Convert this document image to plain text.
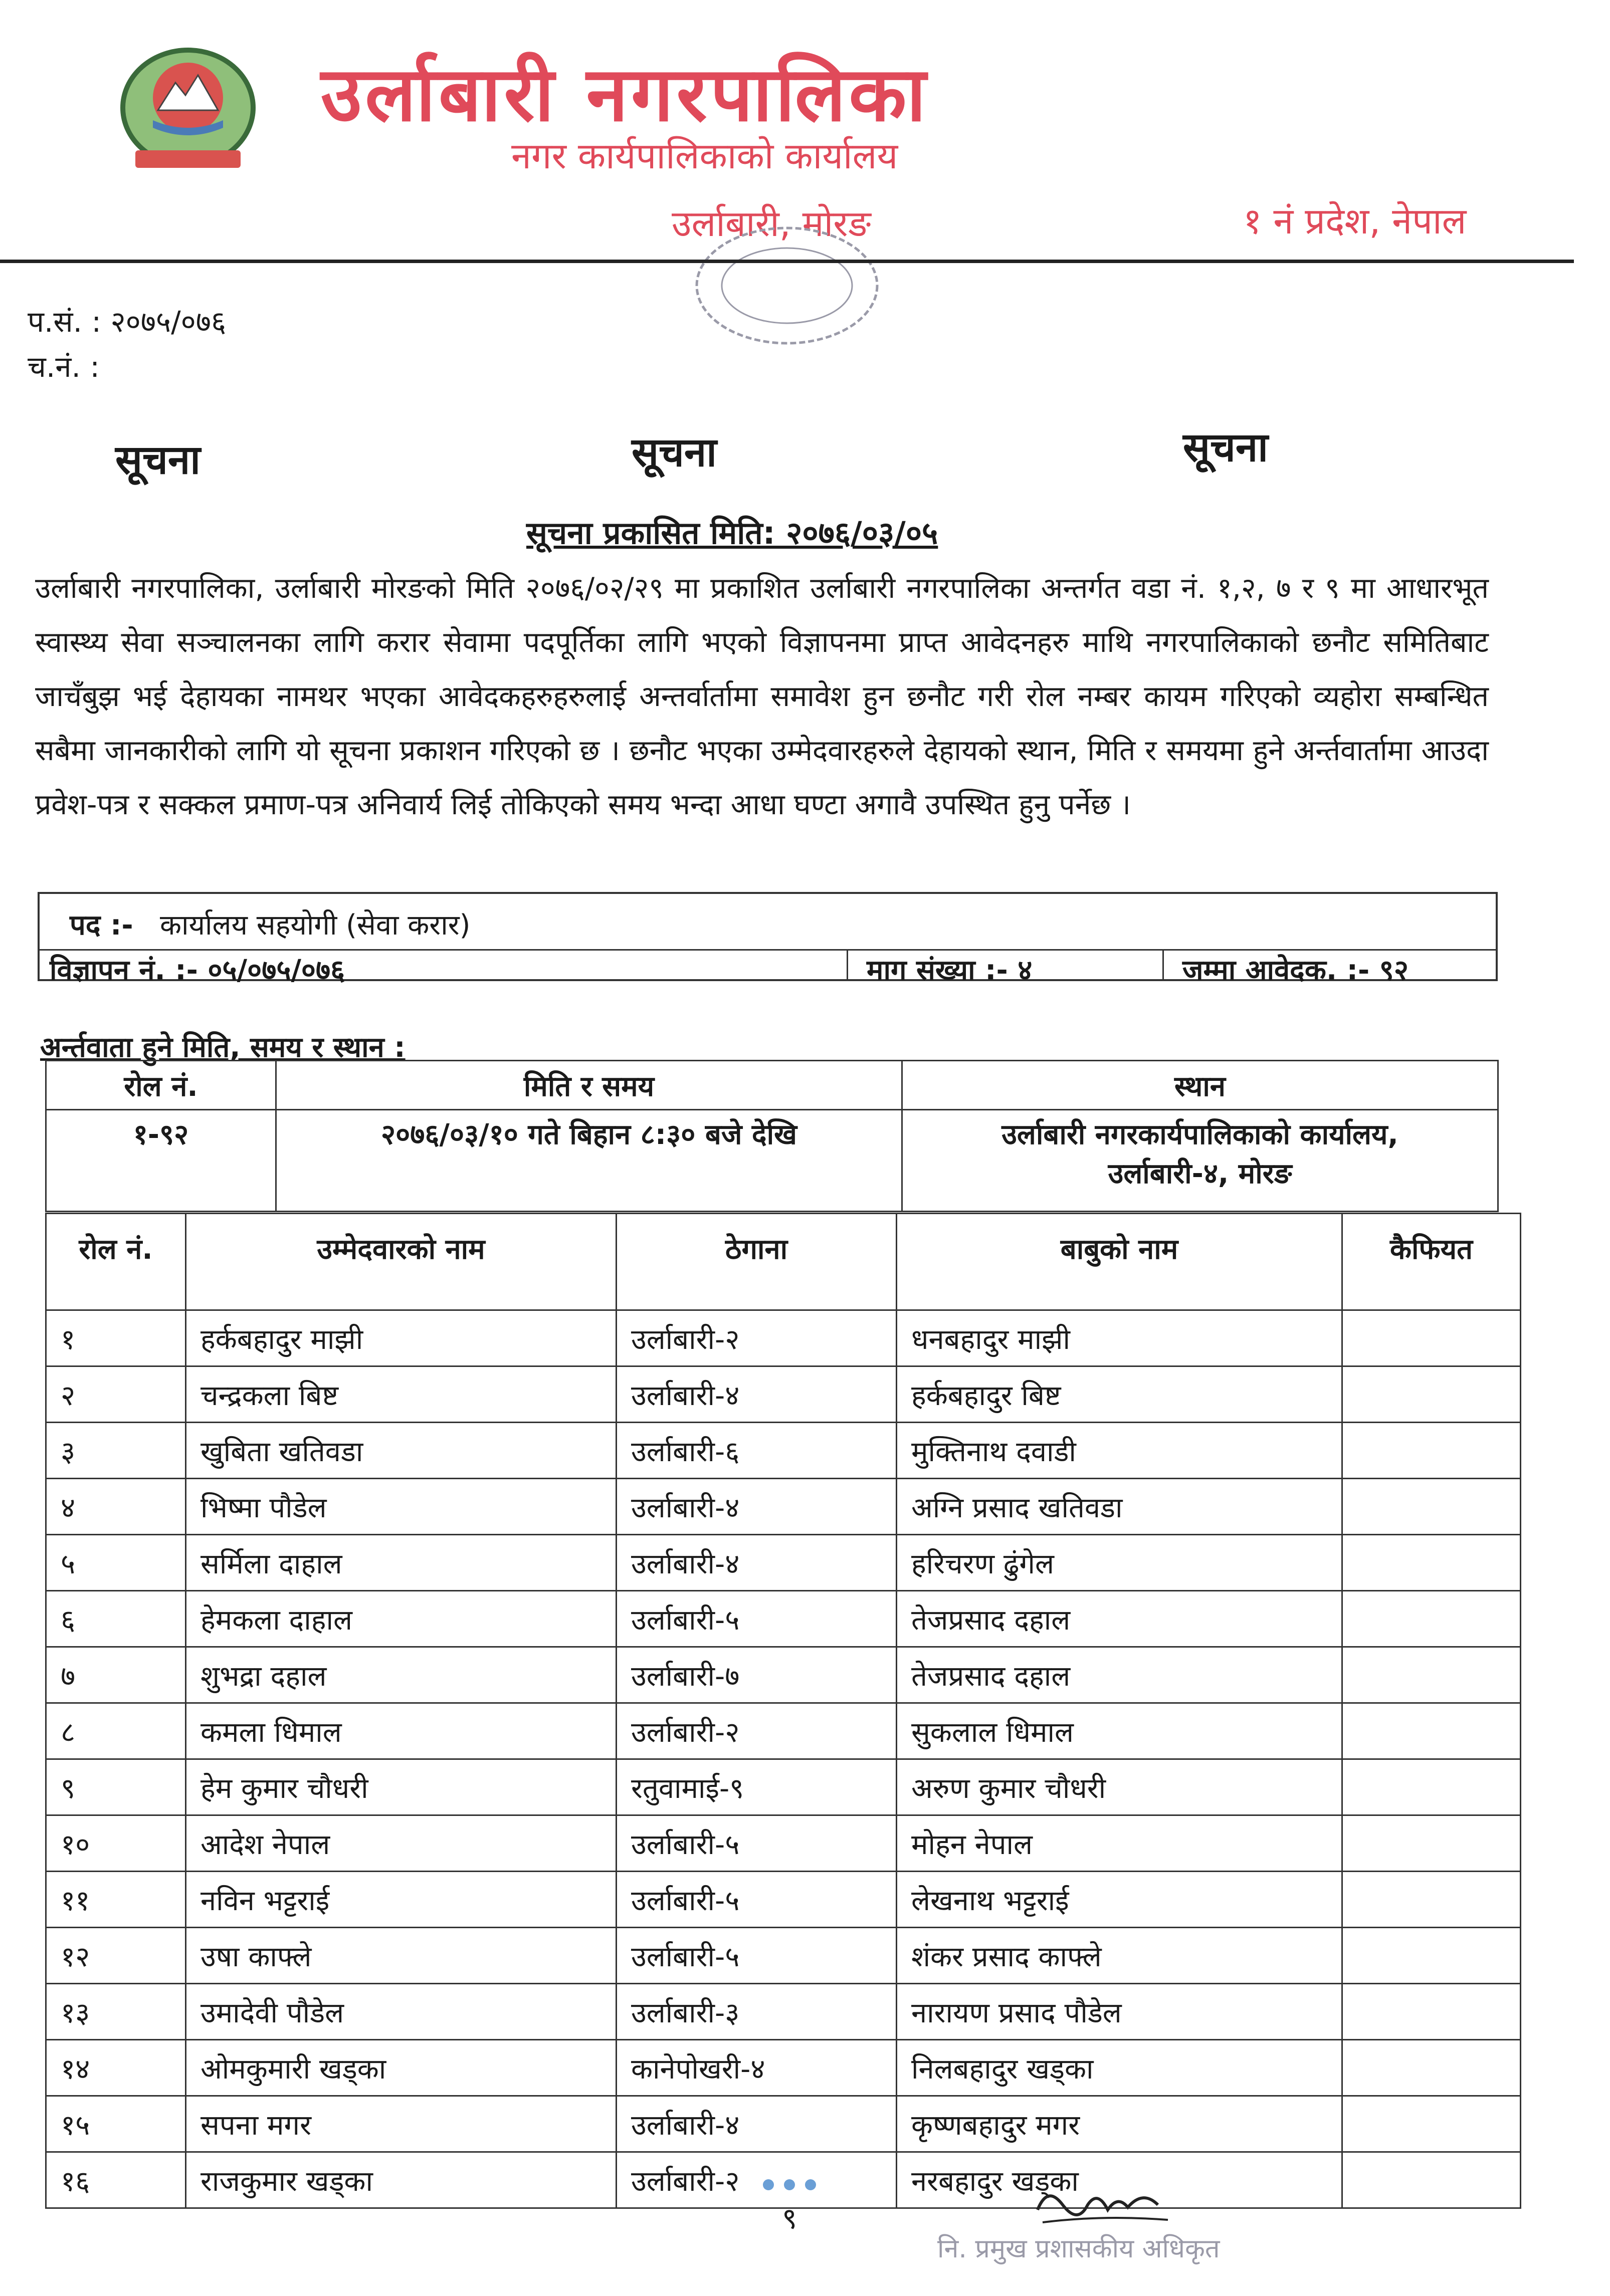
उर्लाबारी नगरपालिका
नगर कार्यपालिकाको कार्यालय
उर्लाबारी, मोरङ	१ नं प्रदेश, नेपाल
प.सं. : २०७५/०७६
च.नं. :
सूचना	सूचना	सूचना
सूचना प्रकासित मिति: २०७६/०३/०५
उर्लाबारी नगरपालिका, उर्लाबारी मोरङको मिति २०७६/०२/२९ मा प्रकाशित उर्लाबारी नगरपालिका अन्तर्गत वडा नं. १,२, ७ र ९ मा आधारभूत स्वास्थ्य सेवा सञ्चालनका लागि करार सेवामा पदपूर्तिका लागि भएको विज्ञापनमा प्राप्त आवेदनहरु माथि नगरपालिकाको छनौट समितिबाट जाचँबुझ भई देहायका नामथर भएका आवेदकहरुहरुलाई अन्तर्वार्तामा समावेश हुन छनौट गरी रोल नम्बर कायम गरिएको व्यहोरा सम्बन्धित सबैमा जानकारीको लागि यो सूचना प्रकाशन गरिएको छ । छनौट भएका उम्मेदवारहरुले देहायको स्थान, मिति र समयमा हुने अर्न्तवार्तामा आउदा प्रवेश-पत्र र सक्कल प्रमाण-पत्र अनिवार्य लिई तोकिएको समय भन्दा आधा घण्टा अगावै उपस्थित हुनु पर्नेछ ।
पद :- कार्यालय सहयोगी (सेवा करार)
विज्ञापन नं. :- ०५/०७५/०७६	माग संख्या :- ४	जम्मा आवेदक. :- ९२
अर्न्तवाता हुने मिति, समय र स्थान :
रोल नं.	मिति र समय	स्थान
१-९२	२०७६/०३/१० गते बिहान ८:३० बजे देखि	उर्लाबारी नगरकार्यपालिकाको कार्यालय,
उर्लाबारी-४, मोरङ
रोल नं.	उम्मेदवारको नाम	ठेगाना	बाबुको नाम	कैफियत
१	हर्कबहादुर माझी	उर्लाबारी-२	धनबहादुर माझी	
२	चन्द्रकला बिष्ट	उर्लाबारी-४	हर्कबहादुर बिष्ट	
३	खुबिता खतिवडा	उर्लाबारी-६	मुक्तिनाथ दवाडी	
४	भिष्मा पौडेल	उर्लाबारी-४	अग्नि प्रसाद खतिवडा	
५	सर्मिला दाहाल	उर्लाबारी-४	हरिचरण ढुंगेल	
६	हेमकला दाहाल	उर्लाबारी-५	तेजप्रसाद दहाल	
७	शुभद्रा दहाल	उर्लाबारी-७	तेजप्रसाद दहाल	
८	कमला धिमाल	उर्लाबारी-२	सुकलाल धिमाल	
९	हेम कुमार चौधरी	रतुवामाई-९	अरुण कुमार चौधरी	
१०	आदेश नेपाल	उर्लाबारी-५	मोहन नेपाल	
११	नविन भट्टराई	उर्लाबारी-५	लेखनाथ भट्टराई	
१२	उषा काफ्ले	उर्लाबारी-५	शंकर प्रसाद काफ्ले	
१३	उमादेवी पौडेल	उर्लाबारी-३	नारायण प्रसाद पौडेल	
१४	ओमकुमारी खड्का	कानेपोखरी-४	निलबहादुर खड्का	
१५	सपना मगर	उर्लाबारी-४	कृष्णबहादुर मगर	
१६	राजकुमार खड्का	उर्लाबारी-२	नरबहादुर खड्का	
९
नि. प्रमुख प्रशासकीय अधिकृत
